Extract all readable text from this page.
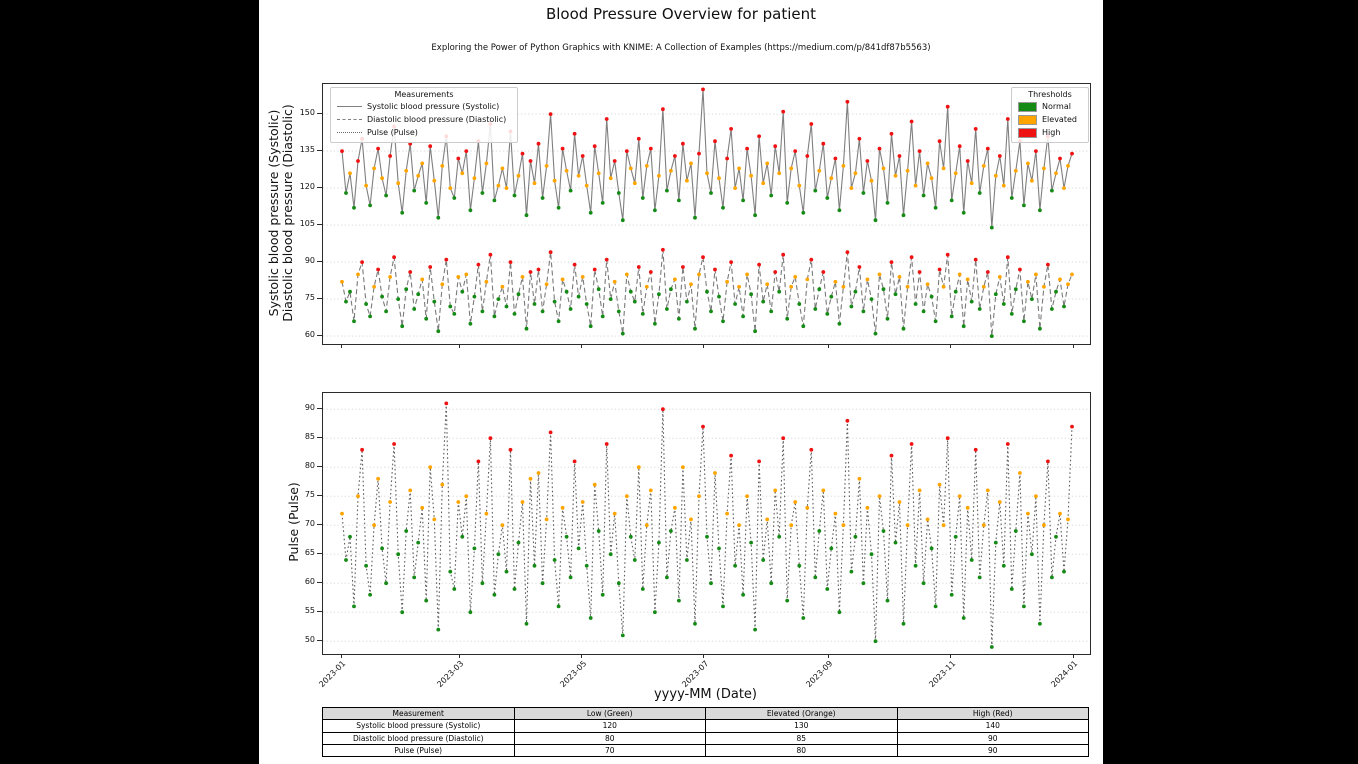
Blood Pressure Overview for patient
Exploring the Power of Python Graphics with KNIME: A Collection of Examples (https://medium.com/p/841df87b5563)
Systolic blood pressure (Systolic) Diastolic blood pressure (Diastolic)
Pulse (Pulse)
Measurements
Systolic blood pressure (Systolic)
Diastolic blood pressure (Diastolic)
Pulse (Pulse)
Thresholds
Normal
Elevated
High
yyyy-MM (Date)
Measurement	Low (Green)	Elevated (Orange)	High (Red)
Systolic blood pressure (Systolic)	120	130	140
Diastolic blood pressure (Diastolic)	80	85	90
Pulse (Pulse)	70	80	90
60
75
90
105
120
135
150
50
55
60
65
70
75
80
85
90
2023-01	2023-03	2023-05	2023-07	2023-09	2023-11	2024-01
